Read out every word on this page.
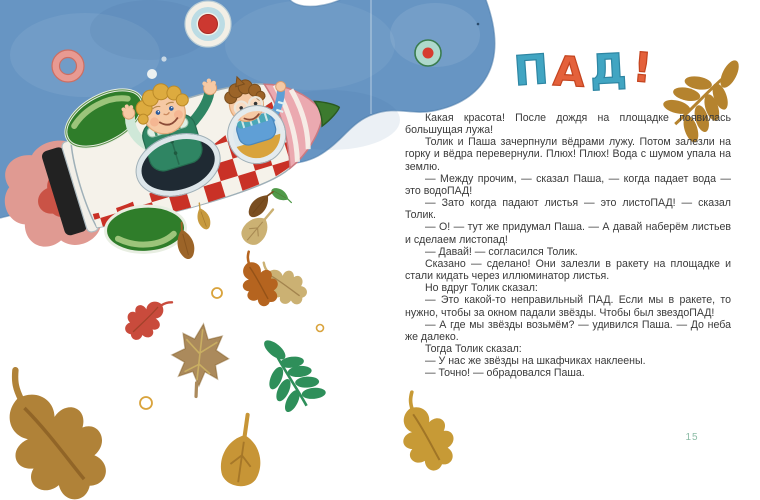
ПАД!

Какая красота! После дождя на площадке появилась большущая лужа!

Толик и Паша зачерпнули вёдрами лужу. Потом залезли на горку и вёдра перевернули. Плюх! Плюх! Вода с шумом упала на землю.

— Между прочим, — сказал Паша, — когда падает вода — это водоПАД!

— Зато когда падают листья — это листоПАД! — сказал Толик.

— О! — тут же придумал Паша. — А давай наберём листьев и сделаем листопад!

— Давай! — согласился Толик.

Сказано — сделано! Они залезли в ракету на площадке и стали кидать через иллюминатор листья.

Но вдруг Толик сказал:

— Это какой-то неправильный ПАД. Если мы в ракете, то нужно, чтобы за окном падали звёзды. Чтобы был звездоПАД!

— А где мы звёзды возьмём? — удивился Паша. — До неба же далеко.

Тогда Толик сказал:

— У нас же звёзды на шкафчиках наклеены.

— Точно! — обрадовался Паша.

15
